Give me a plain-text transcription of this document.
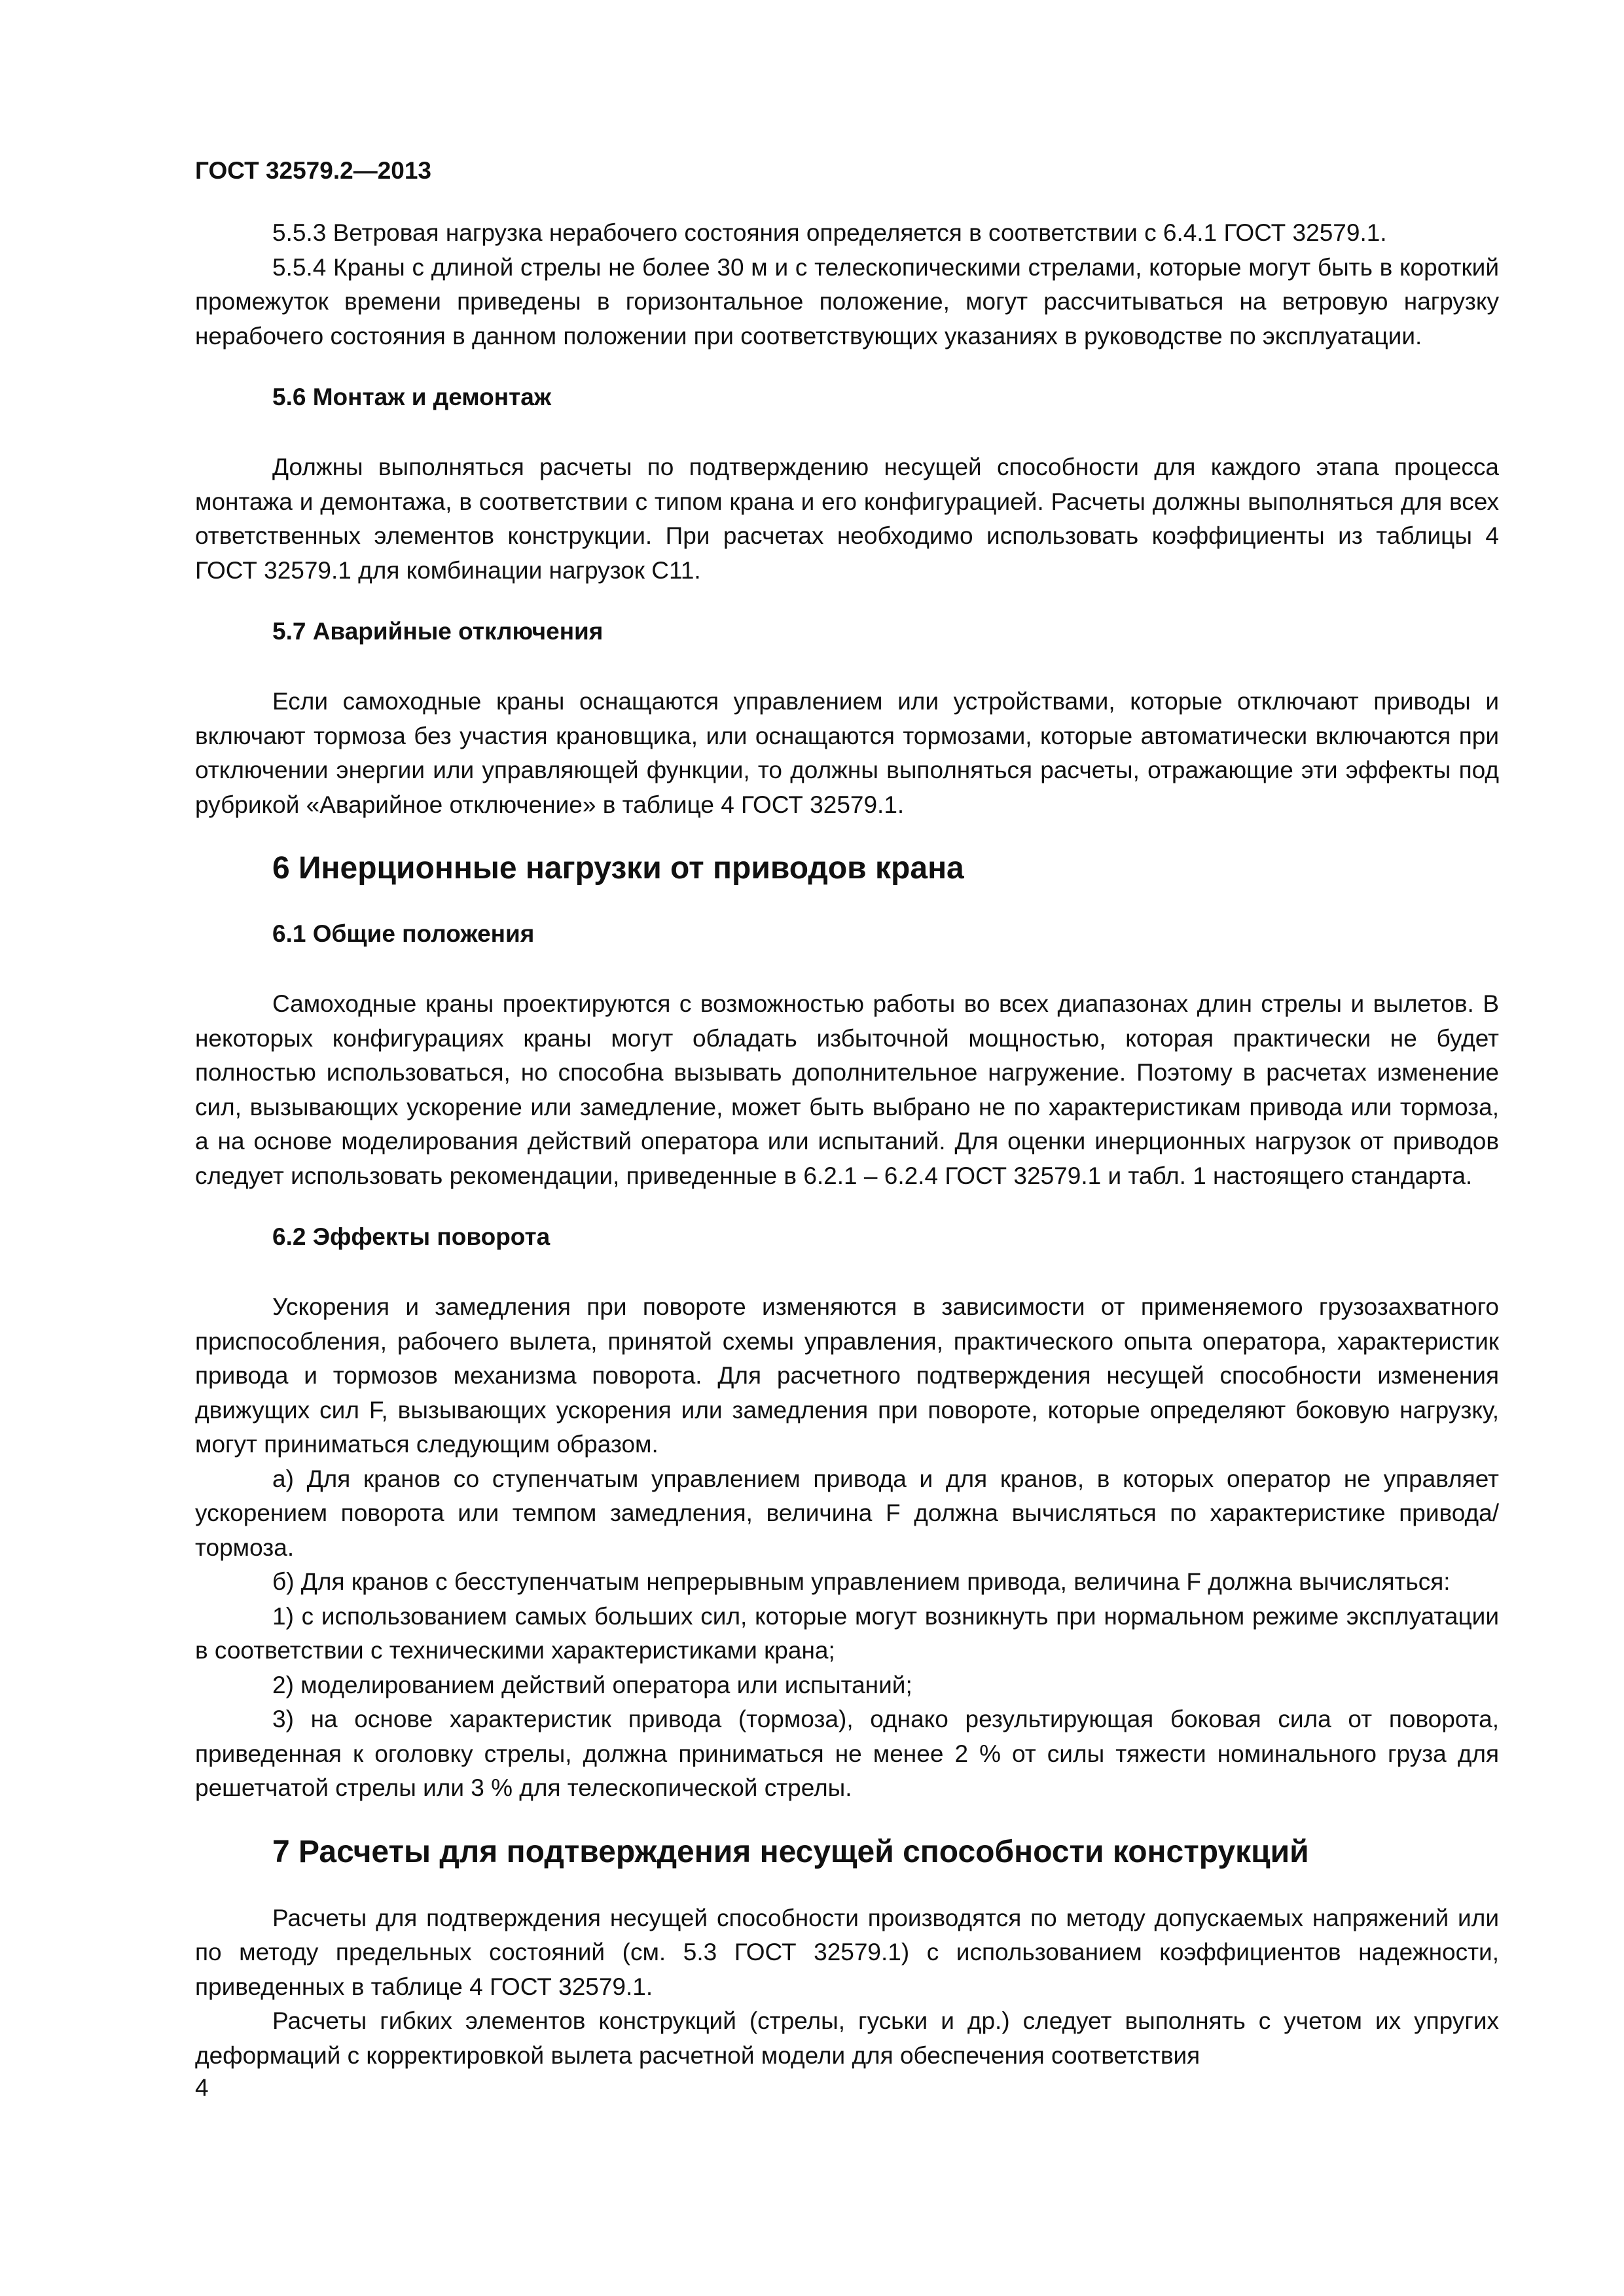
ГОСТ 32579.2—2013

5.5.3 Ветровая нагрузка нерабочего состояния определяется в соответствии с 6.4.1 ГОСТ 32579.1.

5.5.4 Краны с длиной стрелы не более 30 м и с телескопическими стрелами, которые могут быть в короткий промежуток времени приведены в горизонтальное положение, могут рассчитываться на ветровую нагрузку нерабочего состояния в данном положении при соответствующих указаниях в руководстве по эксплуатации.

5.6 Монтаж и демонтаж

Должны выполняться расчеты по подтверждению несущей способности для каждого этапа процесса монтажа и демонтажа, в соответствии с типом крана и его конфигурацией. Расчеты должны выполняться для всех ответственных элементов конструкции. При расчетах необходимо использовать коэффициенты из таблицы 4 ГОСТ 32579.1 для комбинации нагрузок С11.

5.7 Аварийные отключения

Если самоходные краны оснащаются управлением или устройствами, которые отключают приводы и включают тормоза без участия крановщика, или оснащаются тормозами, которые автоматически включаются при отключении энергии или управляющей функции, то должны выполняться расчеты, отражающие эти эффекты под рубрикой «Аварийное отключение» в таблице 4 ГОСТ 32579.1.

6 Инерционные нагрузки от приводов крана
6.1 Общие положения

Самоходные краны проектируются с возможностью работы во всех диапазонах длин стрелы и вылетов. В некоторых конфигурациях краны могут обладать избыточной мощностью, которая практически не будет полностью использоваться, но способна вызывать дополнительное нагружение. Поэтому в расчетах изменение сил, вызывающих ускорение или замедление, может быть выбрано не по характеристикам привода или тормоза, а на основе моделирования действий оператора или испытаний. Для оценки инерционных нагрузок от приводов следует использовать рекомендации, приведенные в 6.2.1 – 6.2.4 ГОСТ 32579.1 и табл. 1 настоящего стандарта.

6.2 Эффекты поворота

Ускорения и замедления при повороте изменяются в зависимости от применяемого грузозахватного приспособления, рабочего вылета, принятой схемы управления, практического опыта оператора, характеристик привода и тормозов механизма поворота. Для расчетного подтверждения несущей способности изменения движущих сил F, вызывающих ускорения или замедления при повороте, которые определяют боковую нагрузку, могут приниматься следующим образом.

а) Для кранов со ступенчатым управлением привода и для кранов, в которых оператор не управляет ускорением поворота или темпом замедления, величина F должна вычисляться по характеристике привода/тормоза.

б) Для кранов с бесступенчатым непрерывным управлением привода, величина F должна вычисляться:

1) с использованием самых больших сил, которые могут возникнуть при нормальном режиме эксплуатации в соответствии с техническими характеристиками крана;

2) моделированием действий оператора или испытаний;

3) на основе характеристик привода (тормоза), однако результирующая боковая сила от поворота, приведенная к оголовку стрелы, должна приниматься не менее 2 % от силы тяжести номинального груза для решетчатой стрелы или 3 % для телескопической стрелы.

7 Расчеты для подтверждения несущей способности конструкций

Расчеты для подтверждения несущей способности производятся по методу допускаемых напряжений или по методу предельных состояний (см. 5.3 ГОСТ 32579.1) с использованием коэффициентов надежности, приведенных в таблице 4 ГОСТ 32579.1.

Расчеты гибких элементов конструкций (стрелы, гуськи и др.) следует выполнять с учетом их упругих деформаций с корректировкой вылета расчетной модели для обеспечения соответствия

4
